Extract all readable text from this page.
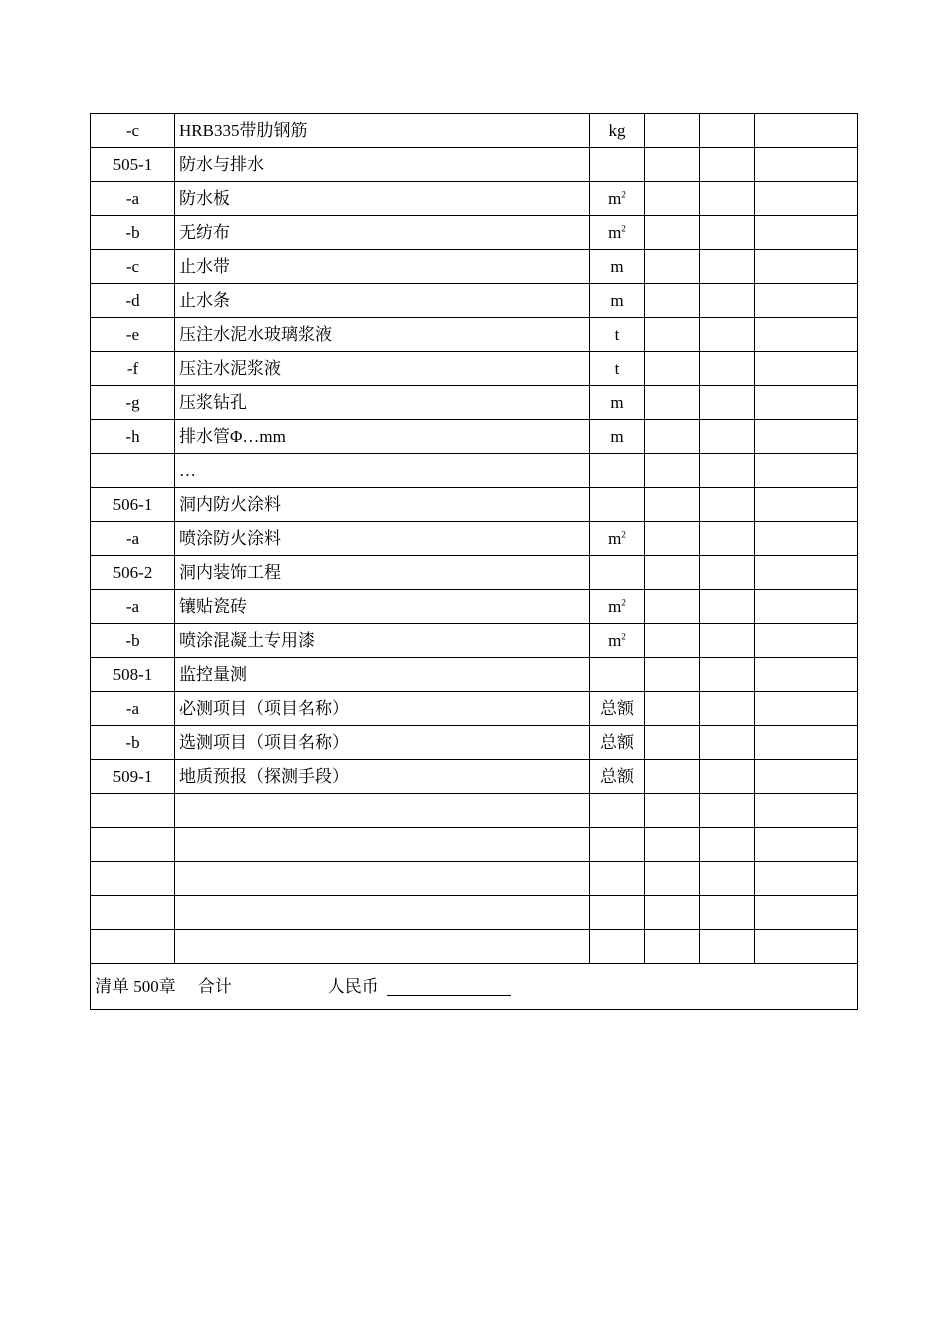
-c	HRB335带肋钢筋	kg			
505-1	防水与排水				
-a	防水板	$m^2$			
-b	无纺布	$m^2$			
-c	止水带	m			
-d	止水条	m			
-e	压注水泥水玻璃浆液	t			
-f	压注水泥浆液	t			
-g	压浆钻孔	m			
-h	排水管Φ…mm	m			
	…				
506-1	洞内防火涂料				
-a	喷涂防火涂料	$m^2$			
506-2	洞内装饰工程				
-a	镶贴瓷砖	$m^2$			
-b	喷涂混凝土专用漆	$m^2$			
508-1	监控量测				
-a	必测项目（项目名称）	总额			
-b	选测项目（项目名称）	总额			
509-1	地质预报（探测手段）	总额			

清单 500章 合计 人民币					
